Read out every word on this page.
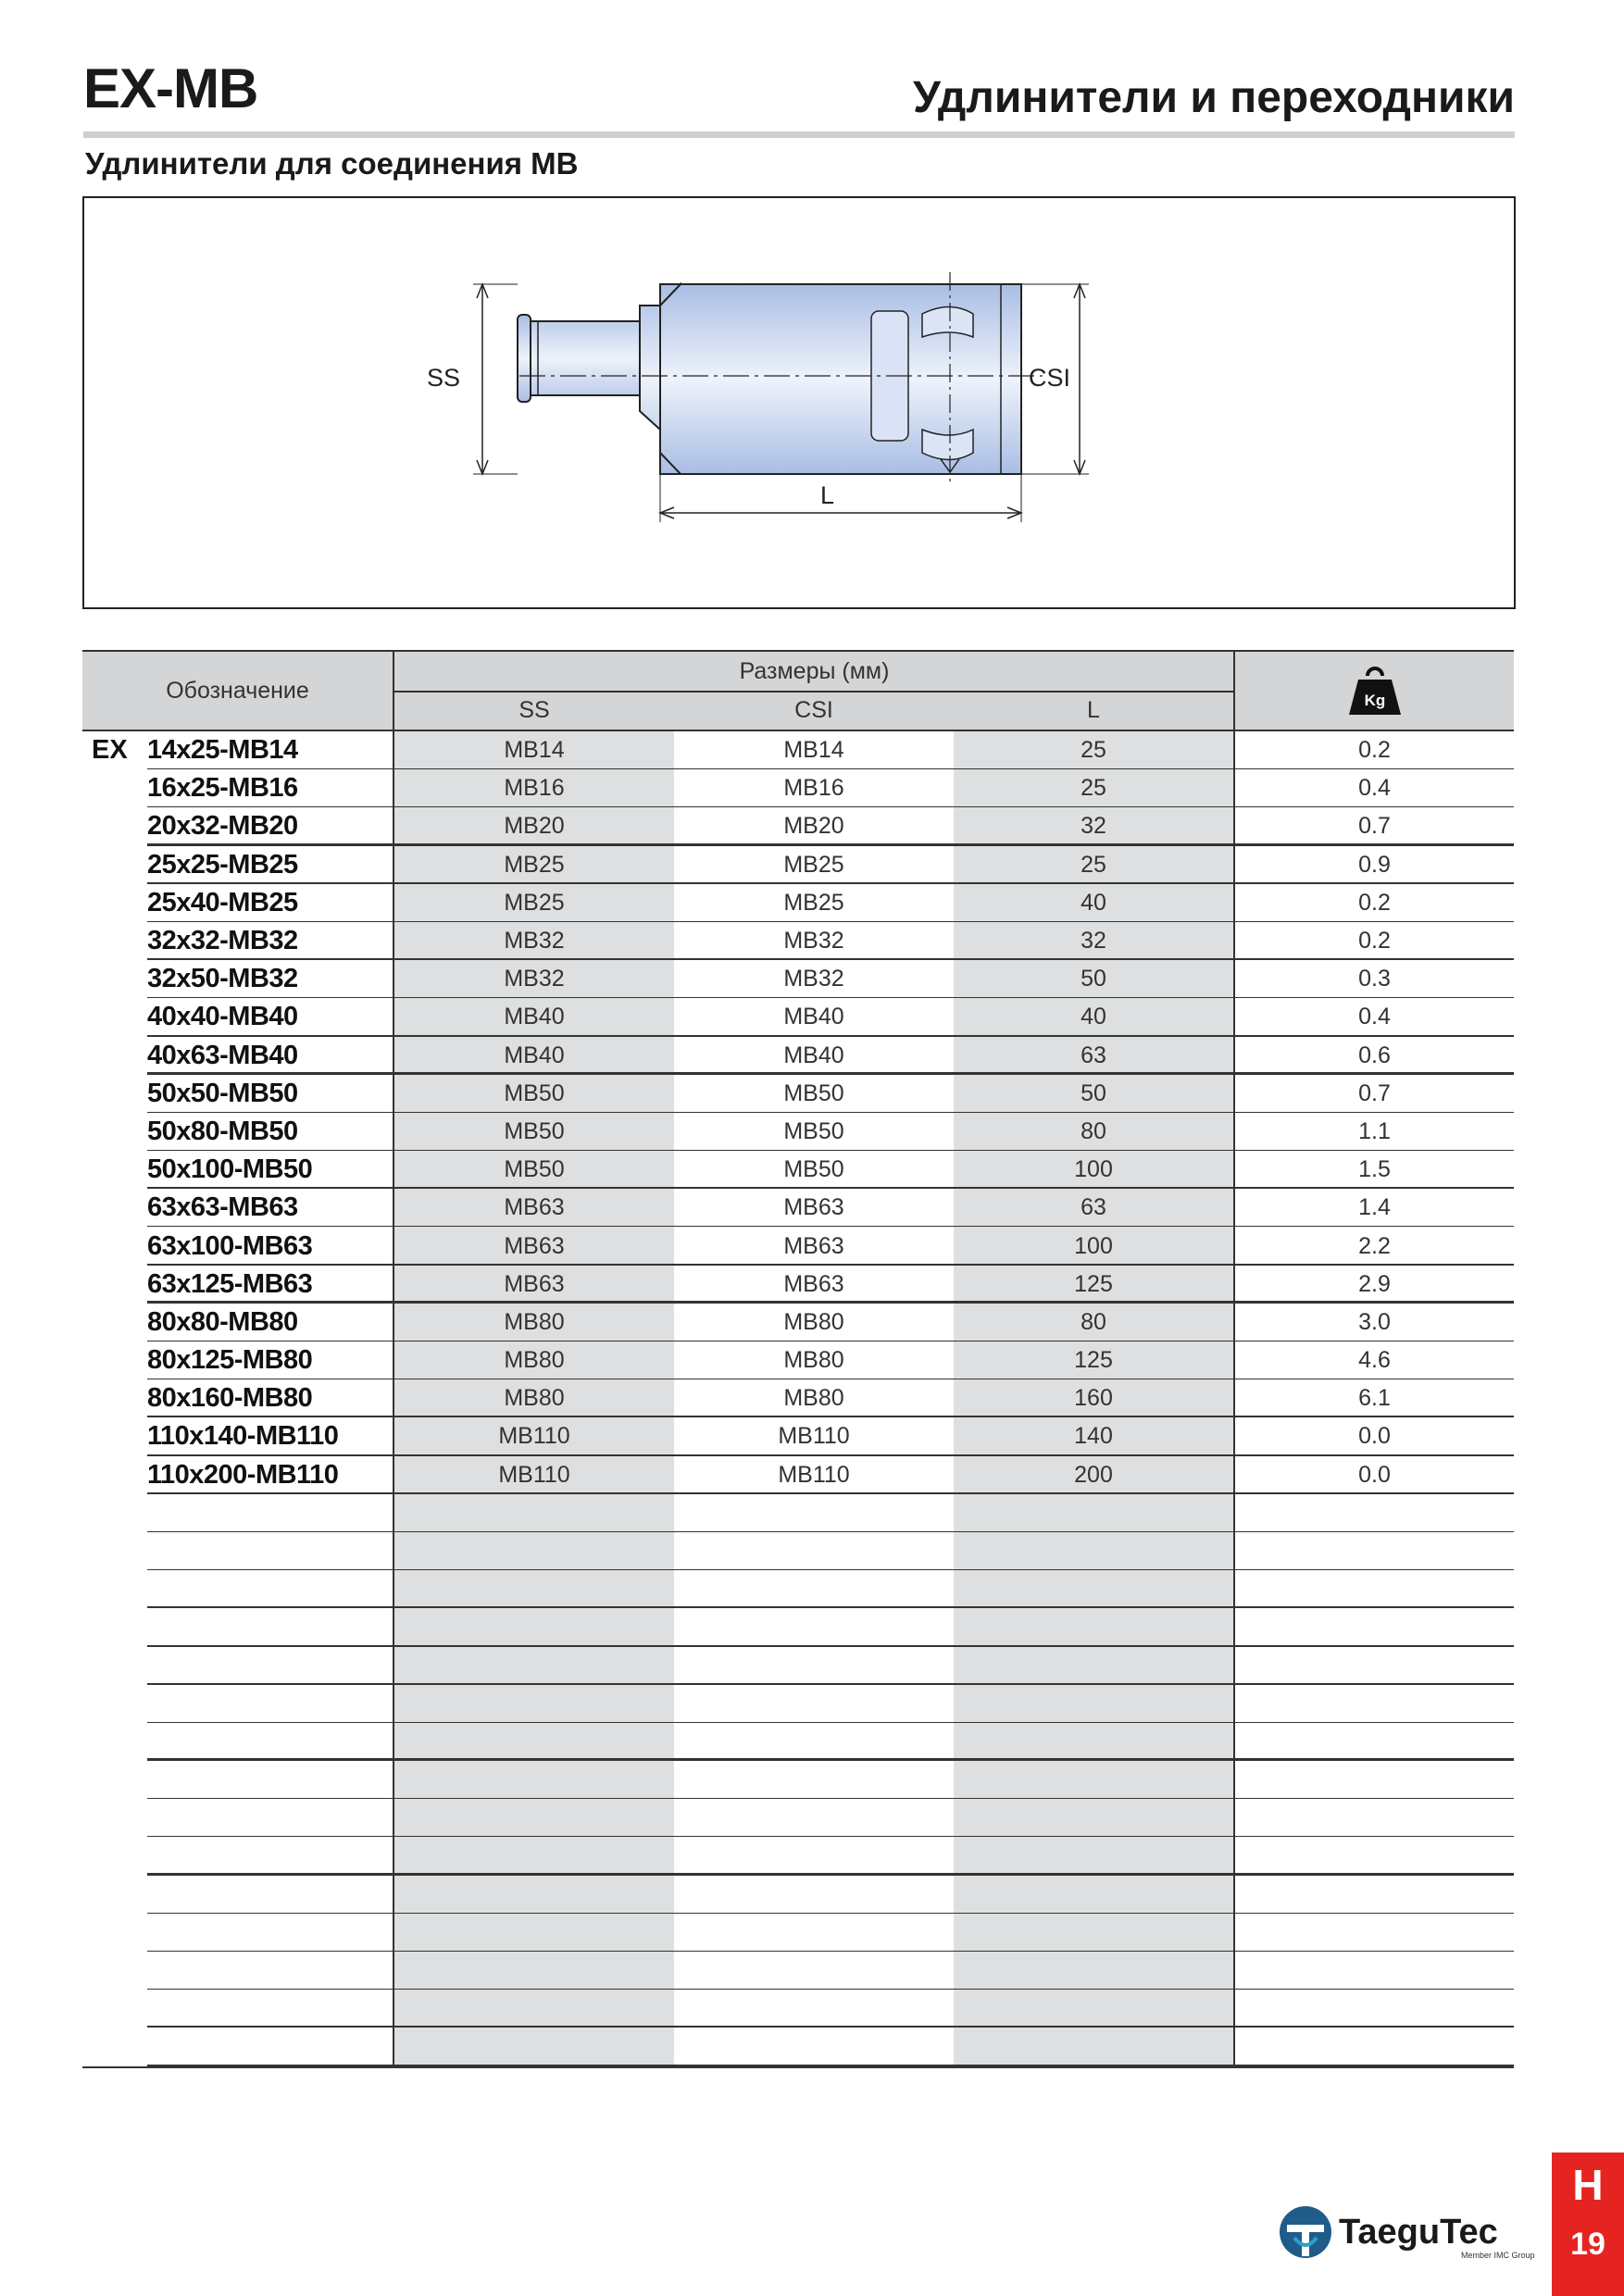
EX-MB	Удлинители и переходники
Удлинители для соединения MB
SS	CSI
L
Обозначение
Размеры (мм)
SS	CSI	L	Kg
EX 14x25-MB14	MB14	MB14	25	0.2
16x25-MB16	MB16	MB16	25	0.4
20x32-MB20	MB20	MB20	32	0.7
25x25-MB25	MB25	MB25	25	0.9
25x40-MB25	MB25	MB25	40	0.2
32x32-MB32	MB32	MB32	32	0.2
32x50-MB32	MB32	MB32	50	0.3
40x40-MB40	MB40	MB40	40	0.4
40x63-MB40	MB40	MB40	63	0.6
50x50-MB50	MB50	MB50	50	0.7
50x80-MB50	MB50	MB50	80	1.1
50x100-MB50	MB50	MB50	100	1.5
63x63-MB63	MB63	MB63	63	1.4
63x100-MB63	MB63	MB63	100	2.2
63x125-MB63	MB63	MB63	125	2.9
80x80-MB80	MB80	MB80	80	3.0
80x125-MB80	MB80	MB80	125	4.6
80x160-MB80	MB80	MB80	160	6.1
110x140-MB110	MB110	MB110	140	0.0
110x200-MB110	MB110	MB110	200	0.0
TaeguTec
Member IMC Group
H
19
